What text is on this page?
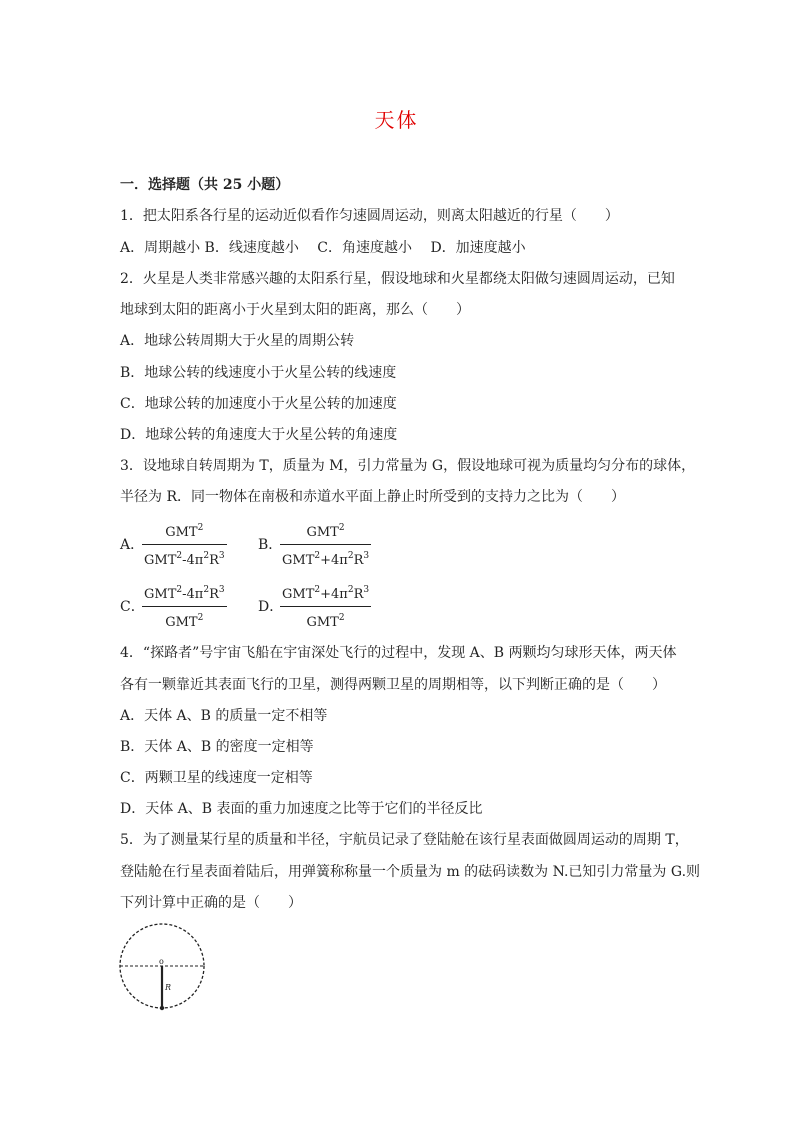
天体
一．选择题（共 25 小题）
1．把太阳系各行星的运动近似看作匀速圆周运动，则离太阳越近的行星（　　）
A．周期越小 B．线速度越小　 C．角速度越小　 D．加速度越小
2．火星是人类非常感兴趣的太阳系行星，假设地球和火星都绕太阳做匀速圆周运动，已知
地球到太阳的距离小于火星到太阳的距离，那么（　　）
A．地球公转周期大于火星的周期公转
B．地球公转的线速度小于火星公转的线速度
C．地球公转的加速度小于火星公转的加速度
D．地球公转的角速度大于火星公转的角速度
3．设地球自转周期为 T，质量为 M，引力常量为 G，假设地球可视为质量均匀分布的球体，
半径为 R．同一物体在南极和赤道水平面上静止时所受到的支持力之比为（　　）
A．
GMT$^2$
$GMT^2-4\pi^2R^3$
B．
GMT$^2$
$GMT^2+4\pi^2R^3$
C．
$GMT^2-4\pi^2R^3$
GMT$^2$
D．
$GMT^2+4\pi^2R^3$
GMT$^2$
4．“探路者”号宇宙飞船在宇宙深处飞行的过程中，发现 A、B 两颗均匀球形天体，两天体
各有一颗靠近其表面飞行的卫星，测得两颗卫星的周期相等，以下判断正确的是（　　）
A．天体 A、B 的质量一定不相等
B．天体 A、B 的密度一定相等
C．两颗卫星的线速度一定相等
D．天体 A、B 表面的重力加速度之比等于它们的半径反比
5．为了测量某行星的质量和半径，宇航员记录了登陆舱在该行星表面做圆周运动的周期 T，
登陆舱在行星表面着陆后，用弹簧称称量一个质量为 m 的砝码读数为 N.已知引力常量为 G.则
下列计算中正确的是（　　）
o
R
